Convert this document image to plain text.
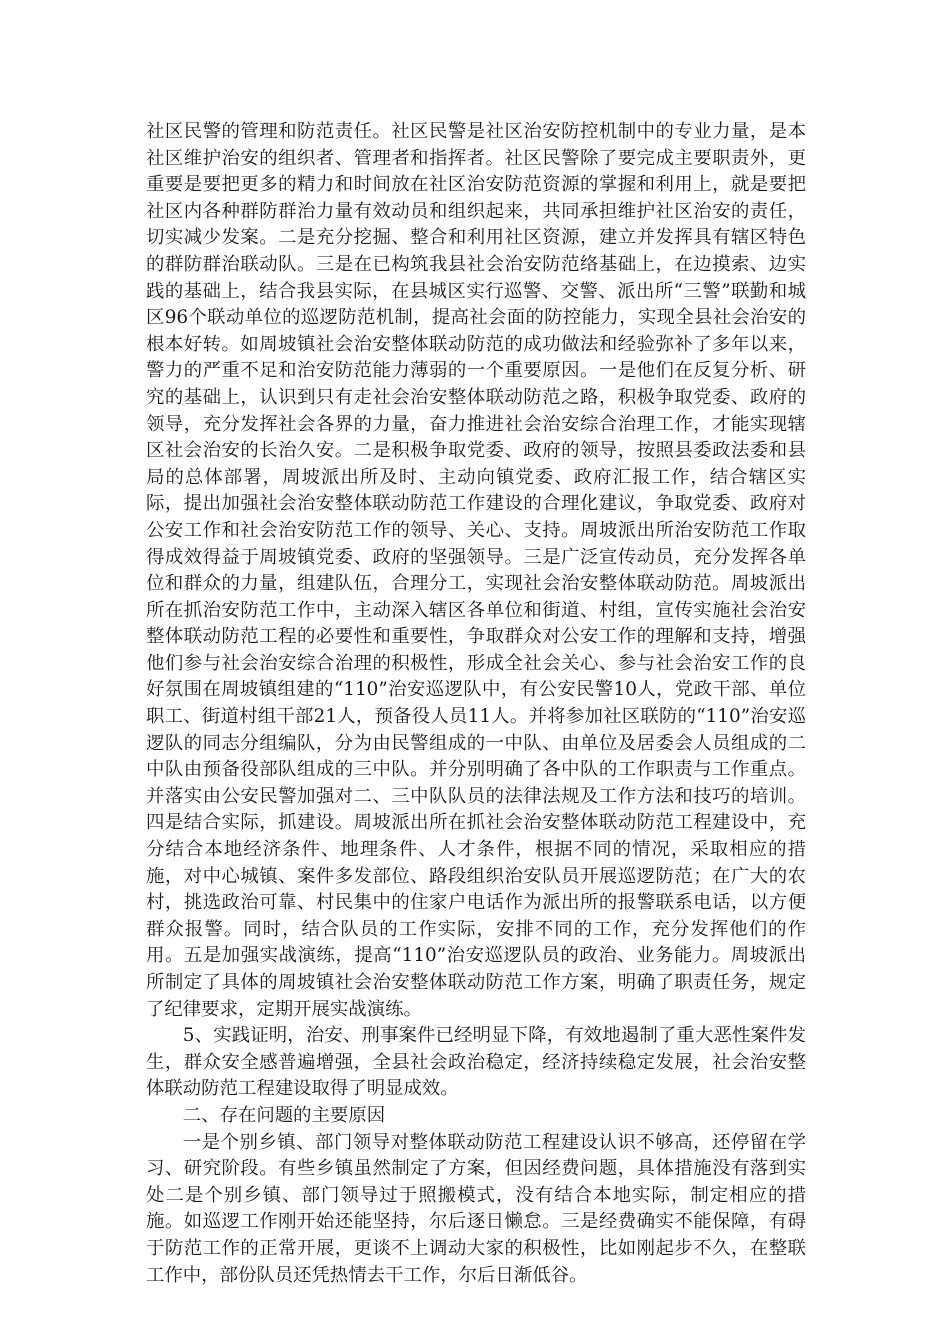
社区民警的管理和防范责任。社区民警是社区治安防控机制中的专业力量，是本社区维护治安的组织者、管理者和指挥者。社区民警除了要完成主要职责外，更重要是要把更多的精力和时间放在社区治安防范资源的掌握和利用上，就是要把社区内各种群防群治力量有效动员和组织起来，共同承担维护社区治安的责任，切实减少发案。二是充分挖掘、整合和利用社区资源，建立并发挥具有辖区特色的群防群治联动队。三是在已构筑我县社会治安防范络基础上，在边摸索、边实践的基础上，结合我县实际，在县城区实行巡警、交警、派出所“三警”联勤和城区96个联动单位的巡逻防范机制，提高社会面的防控能力，实现全县社会治安的根本好转。如周坡镇社会治安整体联动防范的成功做法和经验弥补了多年以来，警力的严重不足和治安防范能力薄弱的一个重要原因。一是他们在反复分析、研究的基础上，认识到只有走社会治安整体联动防范之路，积极争取党委、政府的领导，充分发挥社会各界的力量，奋力推进社会治安综合治理工作，才能实现辖区社会治安的长治久安。二是积极争取党委、政府的领导，按照县委政法委和县局的总体部署，周坡派出所及时、主动向镇党委、政府汇报工作，结合辖区实际，提出加强社会治安整体联动防范工作建设的合理化建议，争取党委、政府对公安工作和社会治安防范工作的领导、关心、支持。周坡派出所治安防范工作取得成效得益于周坡镇党委、政府的坚强领导。三是广泛宣传动员，充分发挥各单位和群众的力量，组建队伍，合理分工，实现社会治安整体联动防范。周坡派出所在抓治安防范工作中，主动深入辖区各单位和街道、村组，宣传实施社会治安整体联动防范工程的必要性和重要性，争取群众对公安工作的理解和支持，增强他们参与社会治安综合治理的积极性，形成全社会关心、参与社会治安工作的良好氛围在周坡镇组建的“110”治安巡逻队中，有公安民警10人，党政干部、单位职工、街道村组干部21人，预备役人员11人。并将参加社区联防的“110”治安巡逻队的同志分组编队，分为由民警组成的一中队、由单位及居委会人员组成的二中队由预备役部队组成的三中队。并分别明确了各中队的工作职责与工作重点。并落实由公安民警加强对二、三中队队员的法律法规及工作方法和技巧的培训。四是结合实际，抓建设。周坡派出所在抓社会治安整体联动防范工程建设中，充分结合本地经济条件、地理条件、人才条件，根据不同的情况，采取相应的措施，对中心城镇、案件多发部位、路段组织治安队员开展巡逻防范；在广大的农村，挑选政治可靠、村民集中的住家户电话作为派出所的报警联系电话，以方便群众报警。同时，结合队员的工作实际，安排不同的工作，充分发挥他们的作用。五是加强实战演练，提高“110”治安巡逻队员的政治、业务能力。周坡派出所制定了具体的周坡镇社会治安整体联动防范工作方案，明确了职责任务，规定了纪律要求，定期开展实战演练。

5、实践证明，治安、刑事案件已经明显下降，有效地遏制了重大恶性案件发生，群众安全感普遍增强，全县社会政治稳定，经济持续稳定发展，社会治安整体联动防范工程建设取得了明显成效。

二、存在问题的主要原因

一是个别乡镇、部门领导对整体联动防范工程建设认识不够高，还停留在学习、研究阶段。有些乡镇虽然制定了方案，但因经费问题，具体措施没有落到实处二是个别乡镇、部门领导过于照搬模式，没有结合本地实际，制定相应的措施。如巡逻工作刚开始还能坚持，尔后逐日懒怠。三是经费确实不能保障，有碍于防范工作的正常开展，更谈不上调动大家的积极性，比如刚起步不久，在整联工作中，部份队员还凭热情去干工作，尔后日渐低谷。
